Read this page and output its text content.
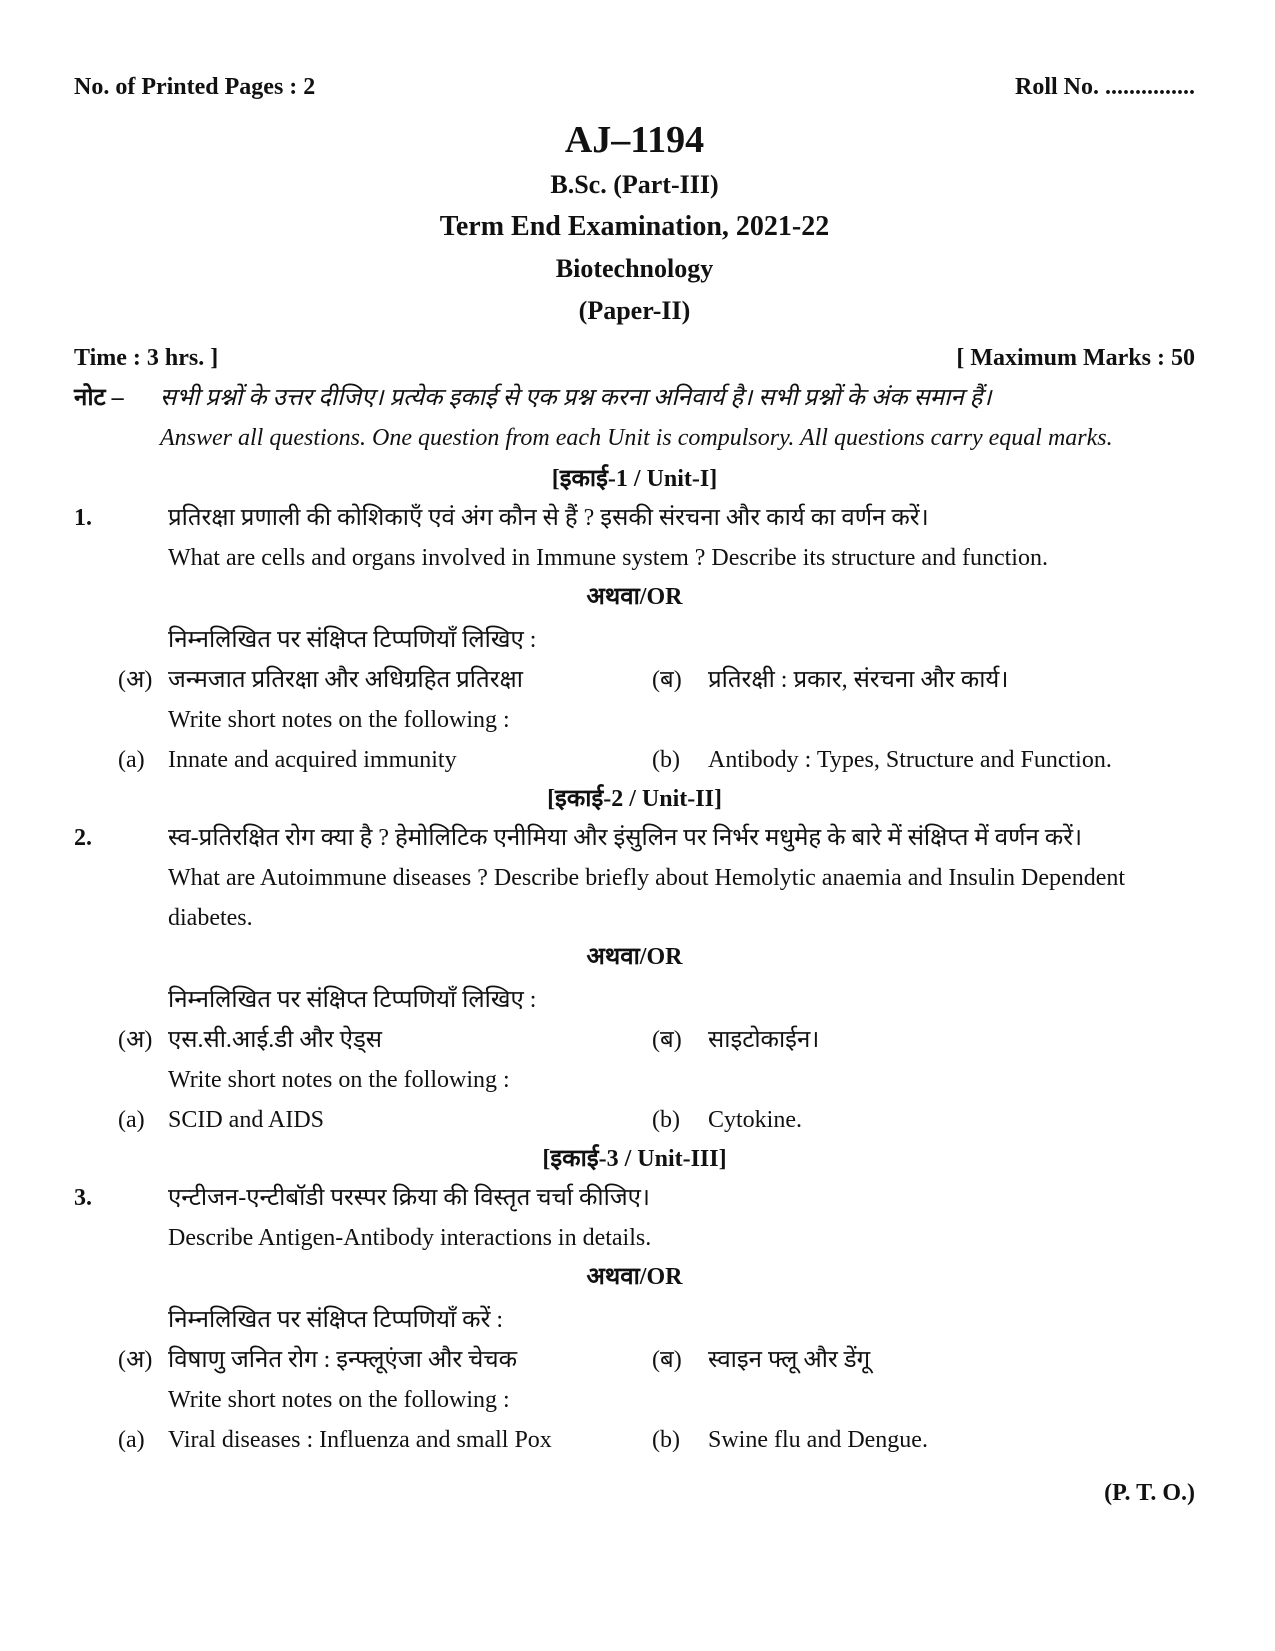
No. of Printed Pages : 2	Roll No. ...............
AJ–1194
B.Sc. (Part-III)
Term End Examination, 2021-22
Biotechnology
(Paper-II)
Time : 3 hrs. ]	[ Maximum Marks : 50
नोट –	सभी प्रश्नों के उत्तर दीजिए। प्रत्येक इकाई से एक प्रश्न करना अनिवार्य है। सभी प्रश्नों के अंक समान हैं।
Answer all questions. One question from each Unit is compulsory. All questions carry equal marks.
[इकाई-1 / Unit-I]
1.	प्रतिरक्षा प्रणाली की कोशिकाएँ एवं अंग कौन से हैं ? इसकी संरचना और कार्य का वर्णन करें।
What are cells and organs involved in Immune system ? Describe its structure and function.
अथवा/OR
निम्नलिखित पर संक्षिप्त टिप्पणियाँ लिखिए :
(अ) जन्मजात प्रतिरक्षा और अधिग्रहित प्रतिरक्षा	(ब)	प्रतिरक्षी : प्रकार, संरचना और कार्य।
Write short notes on the following :
(a) Innate and acquired immunity	(b)	Antibody : Types, Structure and Function.
[इकाई-2 / Unit-II]
2.	स्व-प्रतिरक्षित रोग क्या है ? हेमोलिटिक एनीमिया और इंसुलिन पर निर्भर मधुमेह के बारे में संक्षिप्त में वर्णन करें।
What are Autoimmune diseases ? Describe briefly about Hemolytic anaemia and Insulin Dependent diabetes.
अथवा/OR
निम्नलिखित पर संक्षिप्त टिप्पणियाँ लिखिए :
(अ) एस.सी.आई.डी और ऐड्स	(ब)	साइटोकाईन।
Write short notes on the following :
(a) SCID and AIDS	(b)	Cytokine.
[इकाई-3 / Unit-III]
3.	एन्टीजन-एन्टीबॉडी परस्पर क्रिया की विस्तृत चर्चा कीजिए।
Describe Antigen-Antibody interactions in details.
अथवा/OR
निम्नलिखित पर संक्षिप्त टिप्पणियाँ करें :
(अ) विषाणु जनित रोग : इन्फ्लूएंजा और चेचक	(ब)	स्वाइन फ्लू और डेंगू
Write short notes on the following :
(a) Viral diseases : Influenza and small Pox	(b)	Swine flu and Dengue.
(P. T. O.)
